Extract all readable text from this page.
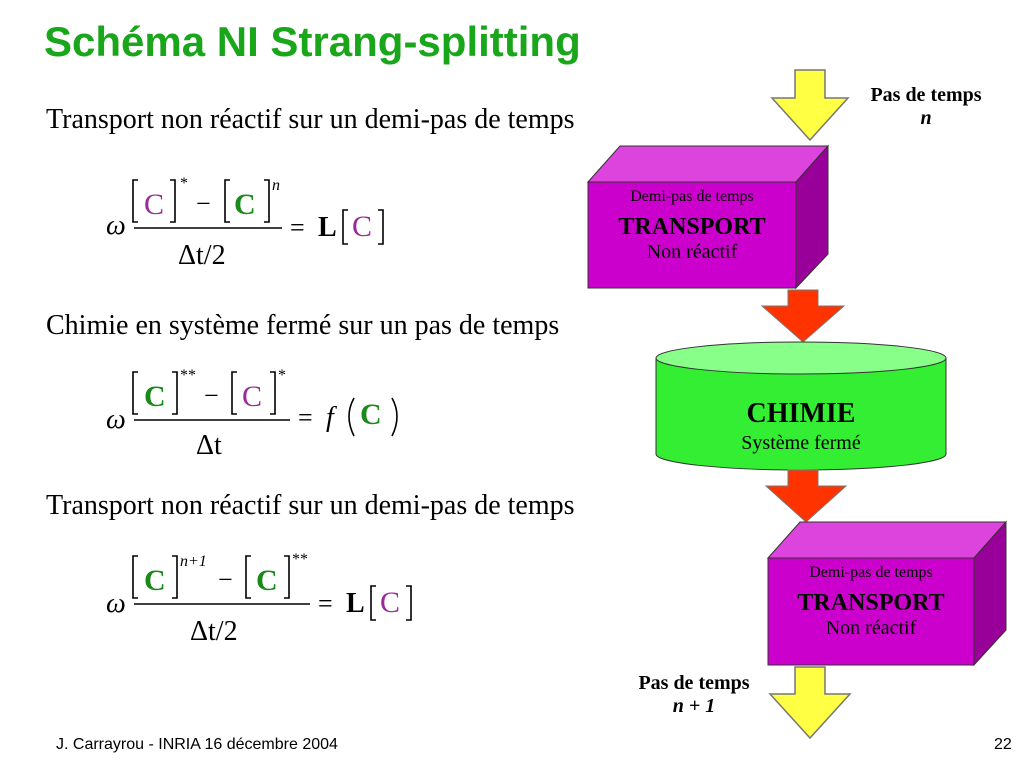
Schéma NI Strang-splitting
Transport non réactif sur un demi-pas de temps
Chimie en système fermé sur un pas de temps
Transport non réactif sur un demi-pas de temps
ω
C
*
− C
n
Δt/2
= L C
ω
C
**
− C
*
Δt
= f C
ω
C
n+1
− C
**
Δt/2
= L C
Pas de temps
n
Demi-pas de temps
TRANSPORT
Non réactif
CHIMIE
Système fermé
Demi-pas de temps
TRANSPORT
Non réactif
Pas de temps
n + 1
J. Carrayrou - INRIA 16 décembre 2004	22
